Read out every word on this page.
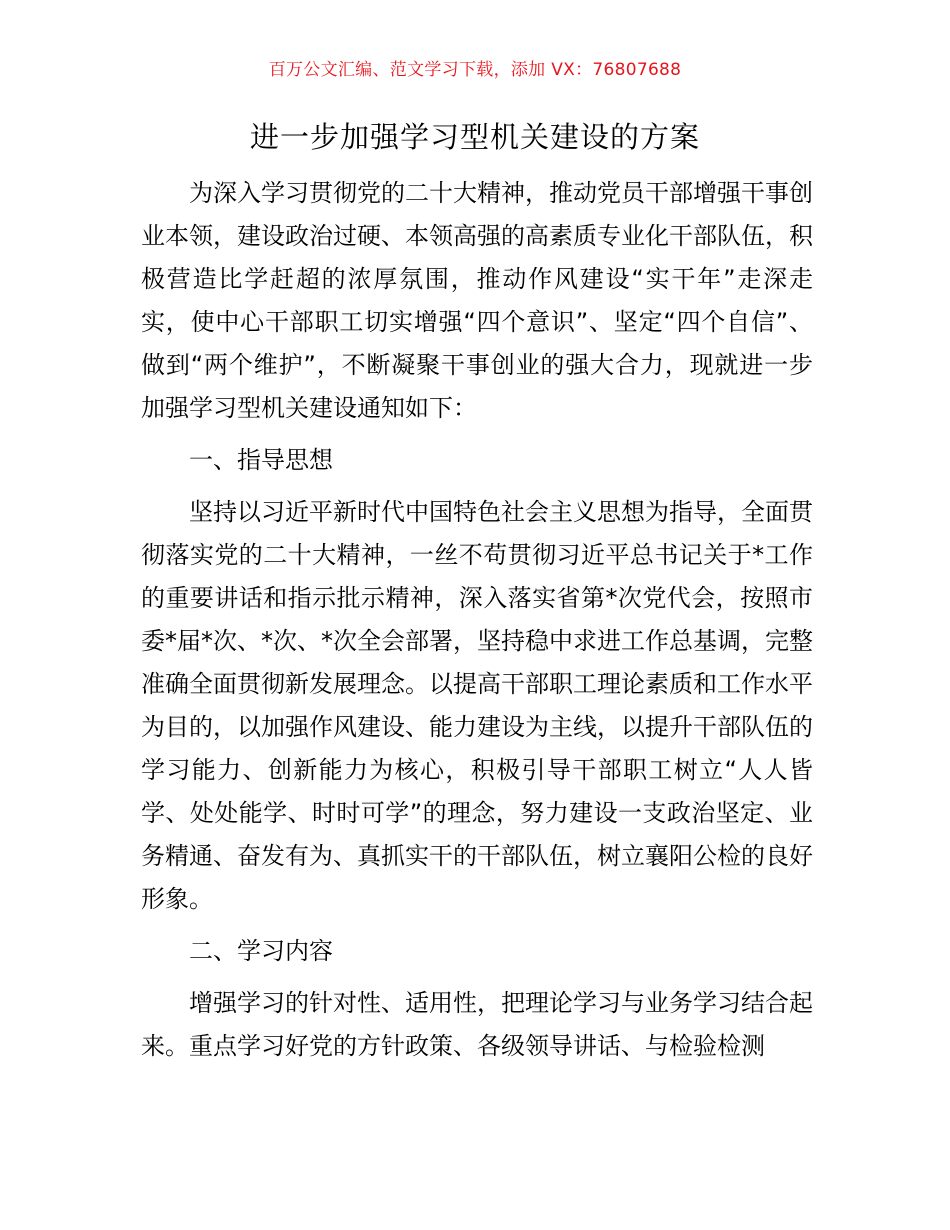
百万公文汇编、范文学习下载，添加 VX：76807688
进一步加强学习型机关建设的方案

为深入学习贯彻党的二十大精神，推动党员干部增强干事创业本领，建设政治过硬、本领高强的高素质专业化干部队伍，积极营造比学赶超的浓厚氛围，推动作风建设“实干年”走深走实，使中心干部职工切实增强“四个意识”、坚定“四个自信”、做到“两个维护”，不断凝聚干事创业的强大合力，现就进一步加强学习型机关建设通知如下：

一、指导思想

坚持以习近平新时代中国特色社会主义思想为指导，全面贯彻落实党的二十大精神，一丝不苟贯彻习近平总书记关于*工作的重要讲话和指示批示精神，深入落实省第*次党代会，按照市委*届*次、*次、*次全会部署，坚持稳中求进工作总基调，完整准确全面贯彻新发展理念。以提高干部职工理论素质和工作水平为目的，以加强作风建设、能力建设为主线，以提升干部队伍的学习能力、创新能力为核心，积极引导干部职工树立“人人皆学、处处能学、时时可学”的理念，努力建设一支政治坚定、业务精通、奋发有为、真抓实干的干部队伍，树立襄阳公检的良好形象。

二、学习内容

增强学习的针对性、适用性，把理论学习与业务学习结合起来。重点学习好党的方针政策、各级领导讲话、与检验检测
